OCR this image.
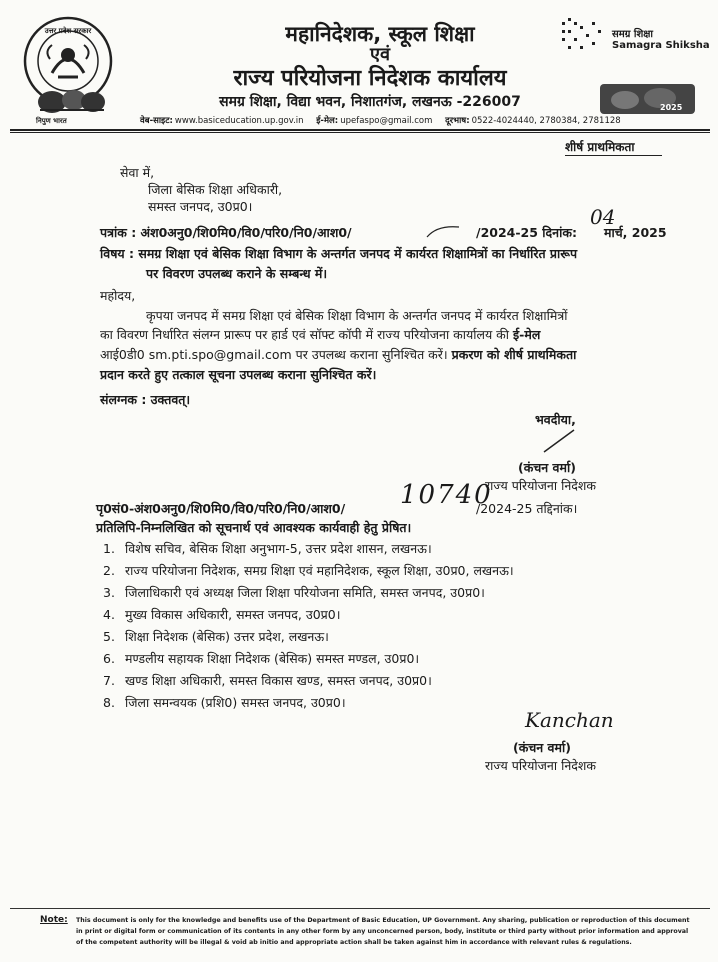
उत्तर प्रदेश सरकार
निपुण भारत
महानिदेशक, स्कूल शिक्षा
एवं
राज्य परियोजना निदेशक कार्यालय
समग्र शिक्षा, विद्या भवन, निशातगंज, लखनऊ -226007
वेब-साइट: www.basiceducation.up.gov.in ई-मेल: upefaspo@gmail.com दूरभाष: 0522-4024440, 2780384, 2781128
समग्र शिक्षा
Samagra Shiksha
2025
शीर्ष प्राथमिकता
सेवा में,
जिला बेसिक शिक्षा अधिकारी,
समस्त जनपद, उ0प्र0।
पत्रांक : अंश0अनु0/शि0मि0/वि0/परि0/नि0/आश0/	/2024-25 दिनांक:
04
मार्च, 2025
विषय : समग्र शिक्षा एवं बेसिक शिक्षा विभाग के अन्तर्गत जनपद में कार्यरत शिक्षामित्रों का निर्धारित प्रारूप
पर विवरण उपलब्ध कराने के सम्बन्ध में।
महोदय,
कृपया जनपद में समग्र शिक्षा एवं बेसिक शिक्षा विभाग के अन्तर्गत जनपद में कार्यरत शिक्षामित्रों
का विवरण निर्धारित संलग्न प्रारूप पर हार्ड एवं सॉफ्ट कॉपी में राज्य परियोजना कार्यालय की ई-मेल
आई0डी0 sm.pti.spo@gmail.com पर उपलब्ध कराना सुनिश्चित करें। प्रकरण को शीर्ष प्राथमिकता
प्रदान करते हुए तत्काल सूचना उपलब्ध कराना सुनिश्चित करें।
संलग्नक : उक्तवत्।
भवदीया,
(कंचन वर्मा)
राज्य परियोजना निदेशक
पृ0सं0-अंश0अनु0/शि0मि0/वि0/परि0/नि0/आश0/ 10740
/2024-25 तद्दिनांक।
प्रतिलिपि-निम्नलिखित को सूचनार्थ एवं आवश्यक कार्यवाही हेतु प्रेषित।
1. विशेष सचिव, बेसिक शिक्षा अनुभाग-5, उत्तर प्रदेश शासन, लखनऊ।
2. राज्य परियोजना निदेशक, समग्र शिक्षा एवं महानिदेशक, स्कूल शिक्षा, उ0प्र0, लखनऊ।
3. जिलाधिकारी एवं अध्यक्ष जिला शिक्षा परियोजना समिति, समस्त जनपद, उ0प्र0।
4. मुख्य विकास अधिकारी, समस्त जनपद, उ0प्र0।
5. शिक्षा निदेशक (बेसिक) उत्तर प्रदेश, लखनऊ।
6. मण्डलीय सहायक शिक्षा निदेशक (बेसिक) समस्त मण्डल, उ0प्र0।
7. खण्ड शिक्षा अधिकारी, समस्त विकास खण्ड, समस्त जनपद, उ0प्र0।
8. जिला समन्वयक (प्रशि0) समस्त जनपद, उ0प्र0।
Kanchan
(कंचन वर्मा)
राज्य परियोजना निदेशक
Note: This document is only for the knowledge and benefits use of the Department of Basic Education, UP Government. Any sharing, publication or reproduction of this document in print or digital form or communication of its contents in any other form by any unconcerned person, body, institute or third party without prior information and approval of the competent authority will be illegal & void ab initio and appropriate action shall be taken against him in accordance with relevant rules & regulations.
